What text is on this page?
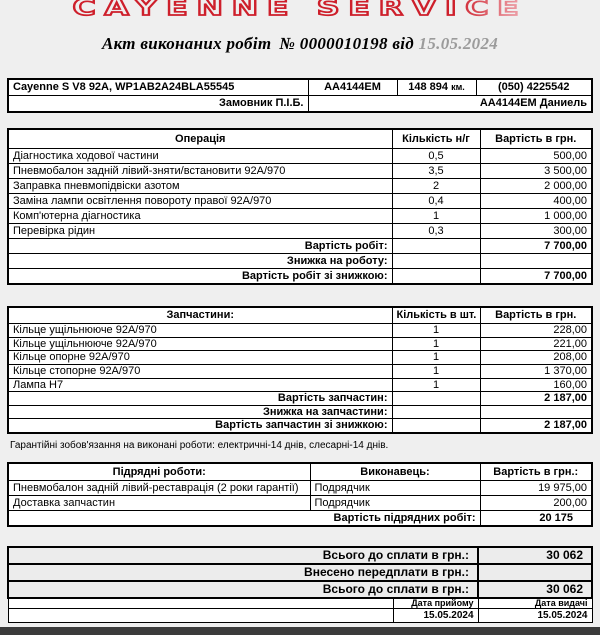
CAYENNE SERVICE
Акт виконаних робіт № 0000010198 від 15.05.2024
Cayenne S V8 92A, WP1AB2A24BLA55545	AA4144EM	148 894 км.	(050) 4225542
Замовник П.І.Б.	AA4144EM Даниель		
Операція	Кількість н/г	Вартість в грн.
Діагностика ходової частини	0,5	500,00
Пневмобалон задній лівий-зняти/встановити 92А/970	3,5	3 500,00
Заправка пневмопідвіски азотом	2	2 000,00
Заміна лампи освітлення повороту правої 92А/970	0,4	400,00
Комп'ютерна діагностика	1	1 000,00
Перевірка рідин	0,3	300,00
Вартість робіт:		7 700,00
Знижка на роботу:		
Вартість робіт зі знижкою:		7 700,00
Запчастини:	Кількість в шт.	Вартість в грн.
Кільце ущільнююче 92А/970	1	228,00
Кільце ущільнююче 92А/970	1	221,00
Кільце опорне 92А/970	1	208,00
Кільце стопорне 92А/970	1	1 370,00
Лампа Н7	1	160,00
Вартість запчастин:		2 187,00
Знижка на запчастини:		
Вартість запчастин зі знижкою:		2 187,00
Гарантійні зобов'язання на виконані роботи: електричні-14 днів, слесарні-14 днів.
Підрядні роботи:	Виконавець:	Вартість в грн.:
Пневмобалон задній лівий-реставрація (2 роки гарантії)	Подрядчик	19 975,00
Доставка запчастин	Подрядчик	200,00
Вартість підрядних робіт:		20 175
Всього до сплати в грн.:		30 062
Внесено передплати в грн.:		
Всього до сплати в грн.:		30 062
	Дата прийому	Дата видачі
	15.05.2024	15.05.2024
